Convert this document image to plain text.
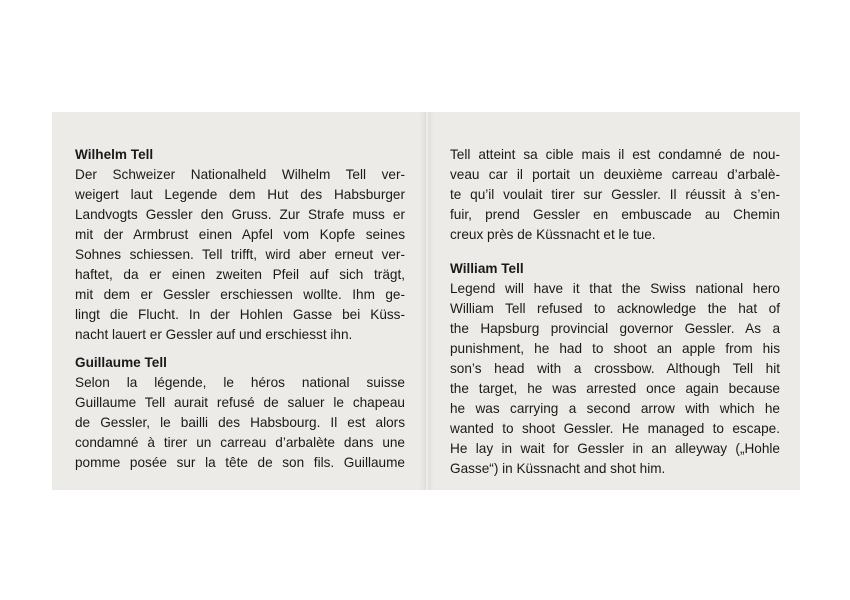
Wilhelm Tell

Der Schweizer Nationalheld Wilhelm Tell ver-

weigert laut Legende dem Hut des Habsburger

Landvogts Gessler den Gruss. Zur Strafe muss er

mit der Armbrust einen Apfel vom Kopfe seines

Sohnes schiessen. Tell trifft, wird aber erneut ver-

haftet, da er einen zweiten Pfeil auf sich trägt,

mit dem er Gessler erschiessen wollte. Ihm ge-

lingt die Flucht. In der Hohlen Gasse bei Küss-

nacht lauert er Gessler auf und erschiesst ihn.

Guillaume Tell

Selon la légende, le héros national suisse

Guillaume Tell aurait refusé de saluer le chapeau

de Gessler, le bailli des Habsbourg. Il est alors

condamné à tirer un carreau d’arbalète dans une

pomme posée sur la tête de son fils. Guillaume

Tell atteint sa cible mais il est condamné de nou-

veau car il portait un deuxième carreau d’arbalè-

te qu’il voulait tirer sur Gessler. Il réussit à s’en-

fuir, prend Gessler en embuscade au Chemin

creux près de Küssnacht et le tue.

William Tell

Legend will have it that the Swiss national hero

William Tell refused to acknowledge the hat of

the Hapsburg provincial governor Gessler. As a

punishment, he had to shoot an apple from his

son’s head with a crossbow. Although Tell hit

the target, he was arrested once again because

he was carrying a second arrow with which he

wanted to shoot Gessler. He managed to escape.

He lay in wait for Gessler in an alleyway („Hohle

Gasse“) in Küssnacht and shot him.
